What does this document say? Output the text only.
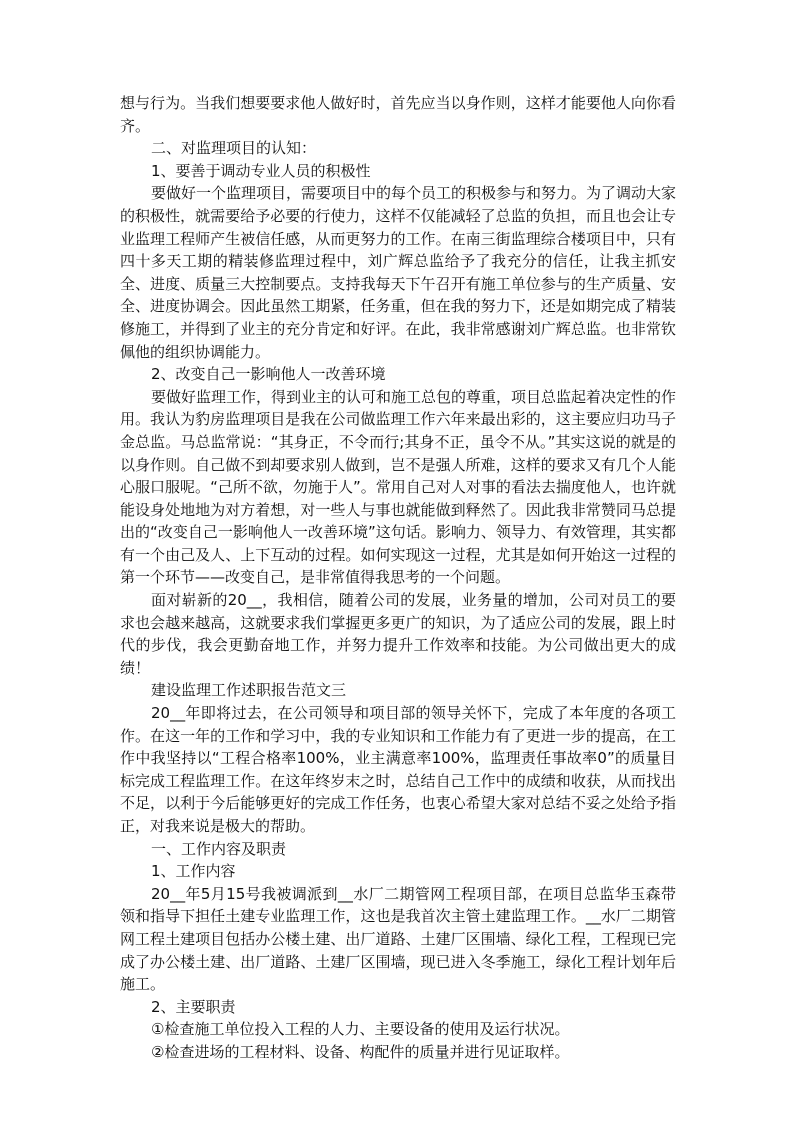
想与行为。当我们想要要求他人做好时，首先应当以身作则，这样才能要他人向你看齐。

二、对监理项目的认知：

1、要善于调动专业人员的积极性

要做好一个监理项目，需要项目中的每个员工的积极参与和努力。为了调动大家的积极性，就需要给予必要的行使力，这样不仅能减轻了总监的负担，而且也会让专业监理工程师产生被信任感，从而更努力的工作。在南三街监理综合楼项目中，只有四十多天工期的精装修监理过程中，刘广辉总监给予了我充分的信任，让我主抓安全、进度、质量三大控制要点。支持我每天下午召开有施工单位参与的生产质量、安全、进度协调会。因此虽然工期紧，任务重，但在我的努力下，还是如期完成了精装修施工，并得到了业主的充分肯定和好评。在此，我非常感谢刘广辉总监。也非常钦佩他的组织协调能力。

2、改变自己一影响他人一改善环境

要做好监理工作，得到业主的认可和施工总包的尊重，项目总监起着决定性的作用。我认为豹房监理项目是我在公司做监理工作六年来最出彩的，这主要应归功马子金总监。马总监常说：“其身正，不令而行;其身不正，虽令不从。”其实这说的就是的以身作则。自己做不到却要求别人做到，岂不是强人所难，这样的要求又有几个人能心服口服呢。“己所不欲，勿施于人”。常用自己对人对事的看法去揣度他人，也许就能设身处地地为对方着想，对一些人与事也就能做到释然了。因此我非常赞同马总提出的“改变自己一影响他人一改善环境”这句话。影响力、领导力、有效管理，其实都有一个由己及人、上下互动的过程。如何实现这一过程，尤其是如何开始这一过程的第一个环节——改变自己，是非常值得我思考的一个问题。

面对崭新的20__，我相信，随着公司的发展，业务量的增加，公司对员工的要求也会越来越高，这就要求我们掌握更多更广的知识，为了适应公司的发展，跟上时代的步伐，我会更勤奋地工作，并努力提升工作效率和技能。为公司做出更大的成绩！

建设监理工作述职报告范文三

20__年即将过去，在公司领导和项目部的领导关怀下，完成了本年度的各项工作。在这一年的工作和学习中，我的专业知识和工作能力有了更进一步的提高，在工作中我坚持以“工程合格率100%，业主满意率100%，监理责任事故率0”的质量目标完成工程监理工作。在这年终岁末之时，总结自己工作中的成绩和收获，从而找出不足，以利于今后能够更好的完成工作任务，也衷心希望大家对总结不妥之处给予指正，对我来说是极大的帮助。

一、工作内容及职责

1、工作内容

20__年5月15号我被调派到__水厂二期管网工程项目部，在项目总监华玉森带领和指导下担任土建专业监理工作，这也是我首次主管土建监理工作。__水厂二期管网工程土建项目包括办公楼土建、出厂道路、土建厂区围墙、绿化工程，工程现已完成了办公楼土建、出厂道路、土建厂区围墙，现已进入冬季施工，绿化工程计划年后施工。

2、主要职责

①检查施工单位投入工程的人力、主要设备的使用及运行状况。

②检查进场的工程材料、设备、构配件的质量并进行见证取样。
